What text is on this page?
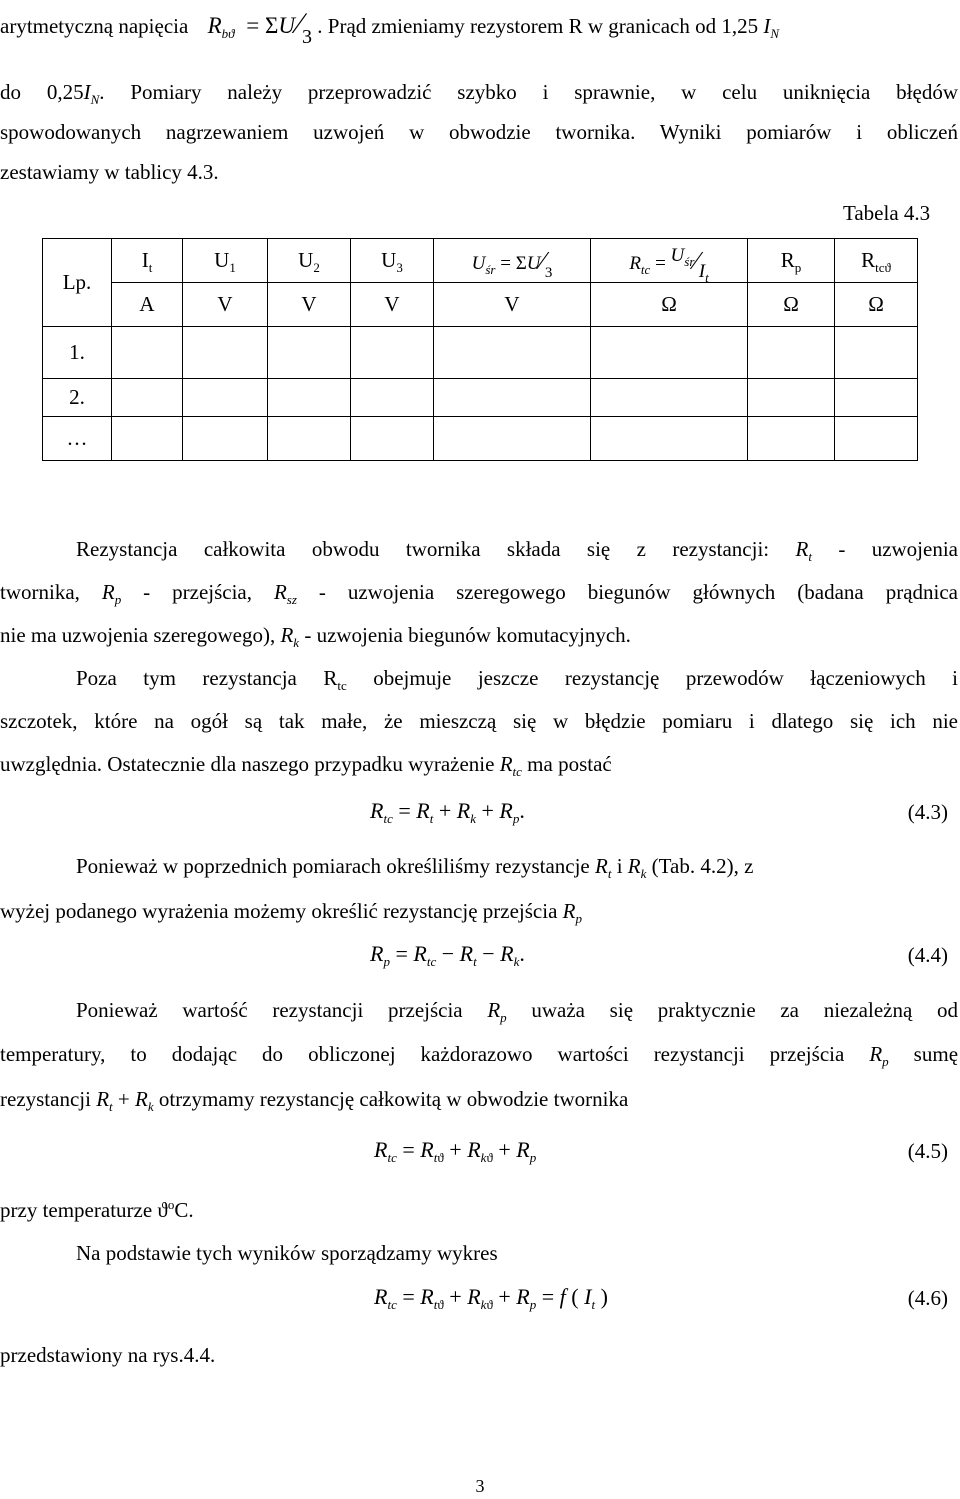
arytmetyczną napięcia $R_{bϑ}$ = ΣU∕3 . Prąd zmieniamy rezystorem R w granicach od 1,25 $I_N$
do $0,25I_N$. Pomiary należy przeprowadzić szybko i sprawnie, w celu uniknięcia błędów
spowodowanych nagrzewaniem uzwojeń w obwodzie twornika. Wyniki pomiarów i obliczeń
zestawiamy w tablicy 4.3.
Tabela 4.3
Lp.	$I_t$	$U_1$	$U_2$	$U_3$	$U_{śr}$ = $\Sigma U∕_3$	$R_{tc}$ = $U_{śr}∕I_t$	$R_p$	$R_{tcϑ}$
	A	V	V	V	V	Ω	Ω	Ω
1.								
2.								
…								
Rezystancja całkowita obwodu twornika składa się z rezystancji: $R_t$ - uzwojenia
twornika, $R_p$ - przejścia, $R_{sz}$ - uzwojenia szeregowego biegunów głównych (badana prądnica
nie ma uzwojenia szeregowego), $R_k$ - uzwojenia biegunów komutacyjnych.
Poza tym rezystancja $R_{tc}$ obejmuje jeszcze rezystancję przewodów łączeniowych i
szczotek, które na ogół są tak małe, że mieszczą się w błędzie pomiaru i dlatego się ich nie
uwzględnia. Ostatecznie dla naszego przypadku wyrażenie $R_{tc}$ ma postać
$R_{tc} = R_t + R_k + R_p$.	(4.3)
Ponieważ w poprzednich pomiarach określiliśmy rezystancje $R_t$ i $R_k$ (Tab. 4.2), z
wyżej podanego wyrażenia możemy określić rezystancję przejścia $R_p$
$R_p = R_{tc} - R_t - R_k$.	(4.4)
Ponieważ wartość rezystancji przejścia $R_p$ uważa się praktycznie za niezależną od
temperatury, to dodając do obliczonej każdorazowo wartości rezystancji przejścia $R_p$ sumę
rezystancji $R_t + R_k$ otrzymamy rezystancję całkowitą w obwodzie twornika
$R_{tc} = R_{tϑ} + R_{kϑ} + R_p$	(4.5)
przy temperaturze $ϑ^oC$.
Na podstawie tych wyników sporządzamy wykres
$R_{tc} = R_{tϑ} + R_{kϑ} + R_p = f$ ( $I_t$ )	(4.6)
przedstawiony na rys.4.4.
3
